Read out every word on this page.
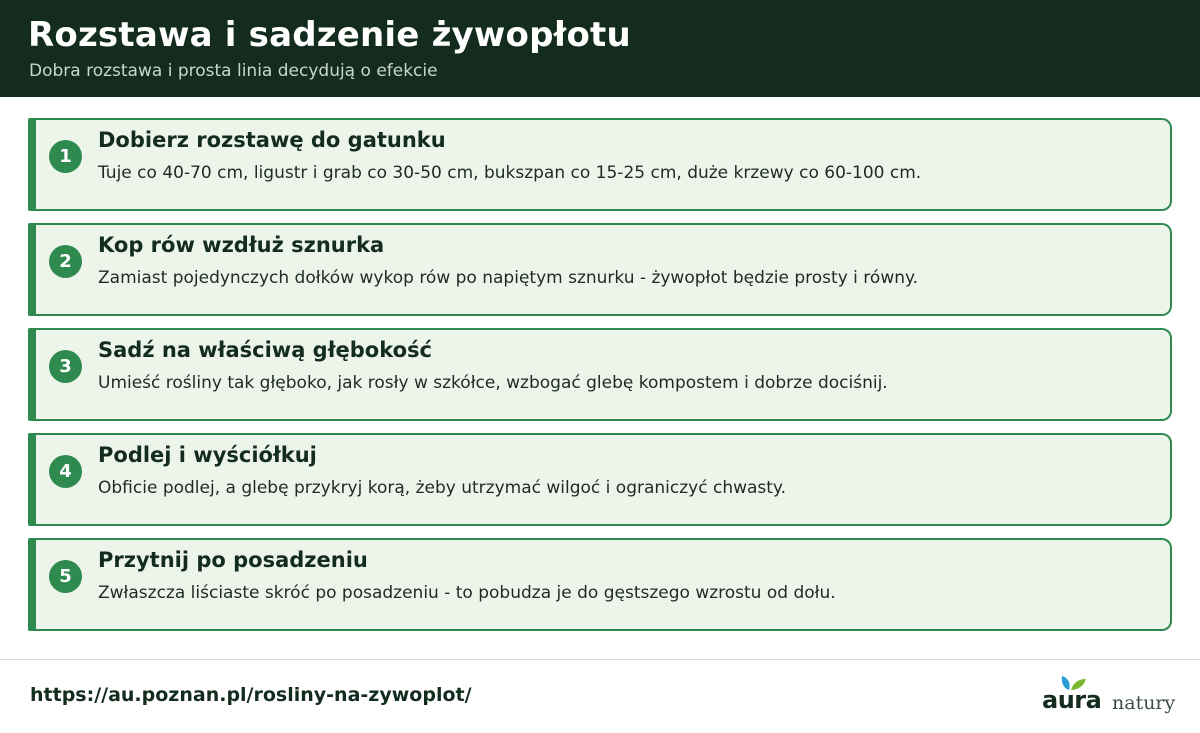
Rozstawa i sadzenie żywopłotu
Dobra rozstawa i prosta linia decydują o efekcie
1
Dobierz rozstawę do gatunku
Tuje co 40-70 cm, ligustr i grab co 30-50 cm, bukszpan co 15-25 cm, duże krzewy co 60-100 cm.
2
Kop rów wzdłuż sznurka
Zamiast pojedynczych dołków wykop rów po napiętym sznurku - żywopłot będzie prosty i równy.
3
Sadź na właściwą głębokość
Umieść rośliny tak głęboko, jak rosły w szkółce, wzbogać glebę kompostem i dobrze dociśnij.
4
Podlej i wyściółkuj
Obficie podlej, a glebę przykryj korą, żeby utrzymać wilgoć i ograniczyć chwasty.
5
Przytnij po posadzeniu
Zwłaszcza liściaste skróć po posadzeniu - to pobudza je do gęstszego wzrostu od dołu.
https://au.poznan.pl/rosliny-na-zywoplot/	aura natury
